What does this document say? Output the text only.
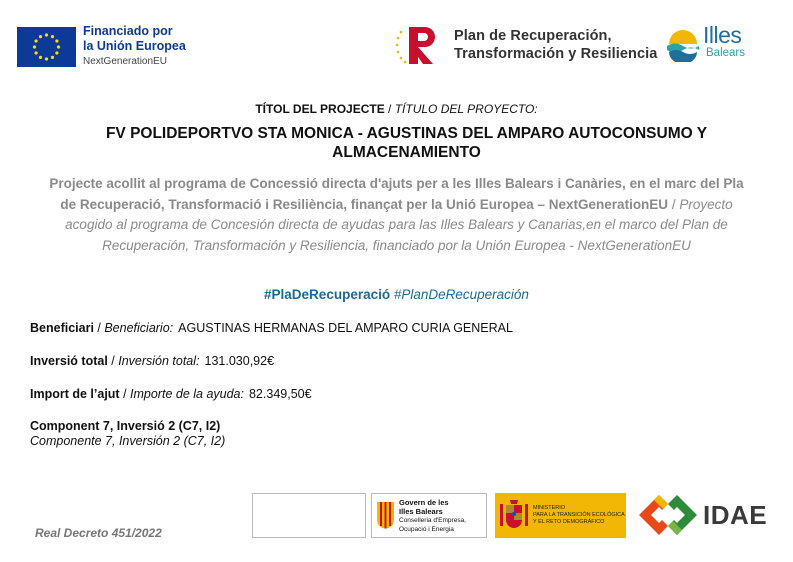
Financiado por
la Unión Europea
NextGenerationEU
Plan de Recuperación,
Transformación y Resiliencia
Illes
Balears
TÍTOL DEL PROJECTE / TÍTULO DEL PROYECTO:
FV POLIDEPORTVO STA MONICA - AGUSTINAS DEL AMPARO AUTOCONSUMO Y ALMACENAMIENTO
Projecte acollit al programa de Concessió directa d'ajuts per a les Illes Balears i Canàries, en el marc del Pla de Recuperació, Transformació i Resiliència, finançat per la Unió Europea – NextGenerationEU / Proyecto acogido al programa de Concesión directa de ayudas para las Illes Balears y Canarias,en el marco del Plan de Recuperación, Transformación y Resiliencia, financiado por la Unión Europea - NextGenerationEU
#PlaDeRecuperació #PlanDeRecuperación
Beneficiari / Beneficiario: AGUSTINAS HERMANAS DEL AMPARO CURIA GENERAL
Inversió total / Inversión total: 131.030,92€
Import de l’ajut / Importe de la ayuda: 82.349,50€
Component 7, Inversió 2 (C7, I2)
Componente 7, Inversión 2 (C7, I2)
Real Decreto 451/2022
Govern de les
Illes Balears
Conselleria d'Empresa,
Ocupació i Energia
MINISTERIO
PARA LA TRANSICIÓN ECOLÓGICA
Y EL RETO DEMOGRÁFICO	IDAE
